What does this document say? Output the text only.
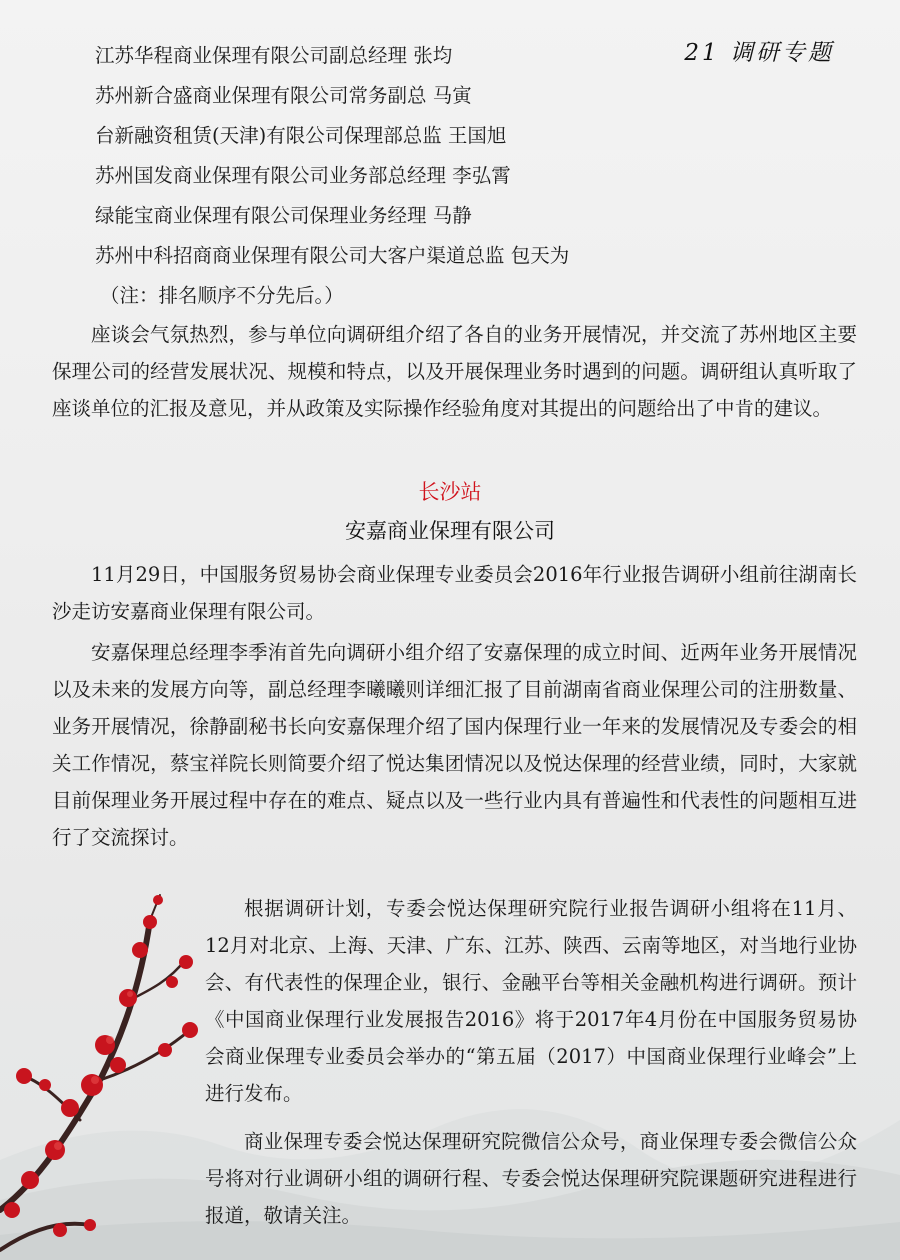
21 调研专题
江苏华程商业保理有限公司副总经理 张均
苏州新合盛商业保理有限公司常务副总 马寅
台新融资租赁(天津)有限公司保理部总监 王国旭
苏州国发商业保理有限公司业务部总经理 李弘霄
绿能宝商业保理有限公司保理业务经理 马静
苏州中科招商商业保理有限公司大客户渠道总监 包天为
（注：排名顺序不分先后。）

座谈会气氛热烈，参与单位向调研组介绍了各自的业务开展情况，并交流了苏州地区主要保理公司的经营发展状况、规模和特点，以及开展保理业务时遇到的问题。调研组认真听取了座谈单位的汇报及意见，并从政策及实际操作经验角度对其提出的问题给出了中肯的建议。

长沙站
安嘉商业保理有限公司

11月29日，中国服务贸易协会商业保理专业委员会2016年行业报告调研小组前往湖南长沙走访安嘉商业保理有限公司。

安嘉保理总经理李季洧首先向调研小组介绍了安嘉保理的成立时间、近两年业务开展情况以及未来的发展方向等，副总经理李曦曦则详细汇报了目前湖南省商业保理公司的注册数量、业务开展情况，徐静副秘书长向安嘉保理介绍了国内保理行业一年来的发展情况及专委会的相关工作情况，蔡宝祥院长则简要介绍了悦达集团情况以及悦达保理的经营业绩，同时，大家就目前保理业务开展过程中存在的难点、疑点以及一些行业内具有普遍性和代表性的问题相互进行了交流探讨。

根据调研计划，专委会悦达保理研究院行业报告调研小组将在11月、12月对北京、上海、天津、广东、江苏、陕西、云南等地区，对当地行业协会、有代表性的保理企业，银行、金融平台等相关金融机构进行调研。预计《中国商业保理行业发展报告2016》将于2017年4月份在中国服务贸易协会商业保理专业委员会举办的“第五届（2017）中国商业保理行业峰会”上进行发布。

商业保理专委会悦达保理研究院微信公众号，商业保理专委会微信公众号将对行业调研小组的调研行程、专委会悦达保理研究院课题研究进程进行报道，敬请关注。
